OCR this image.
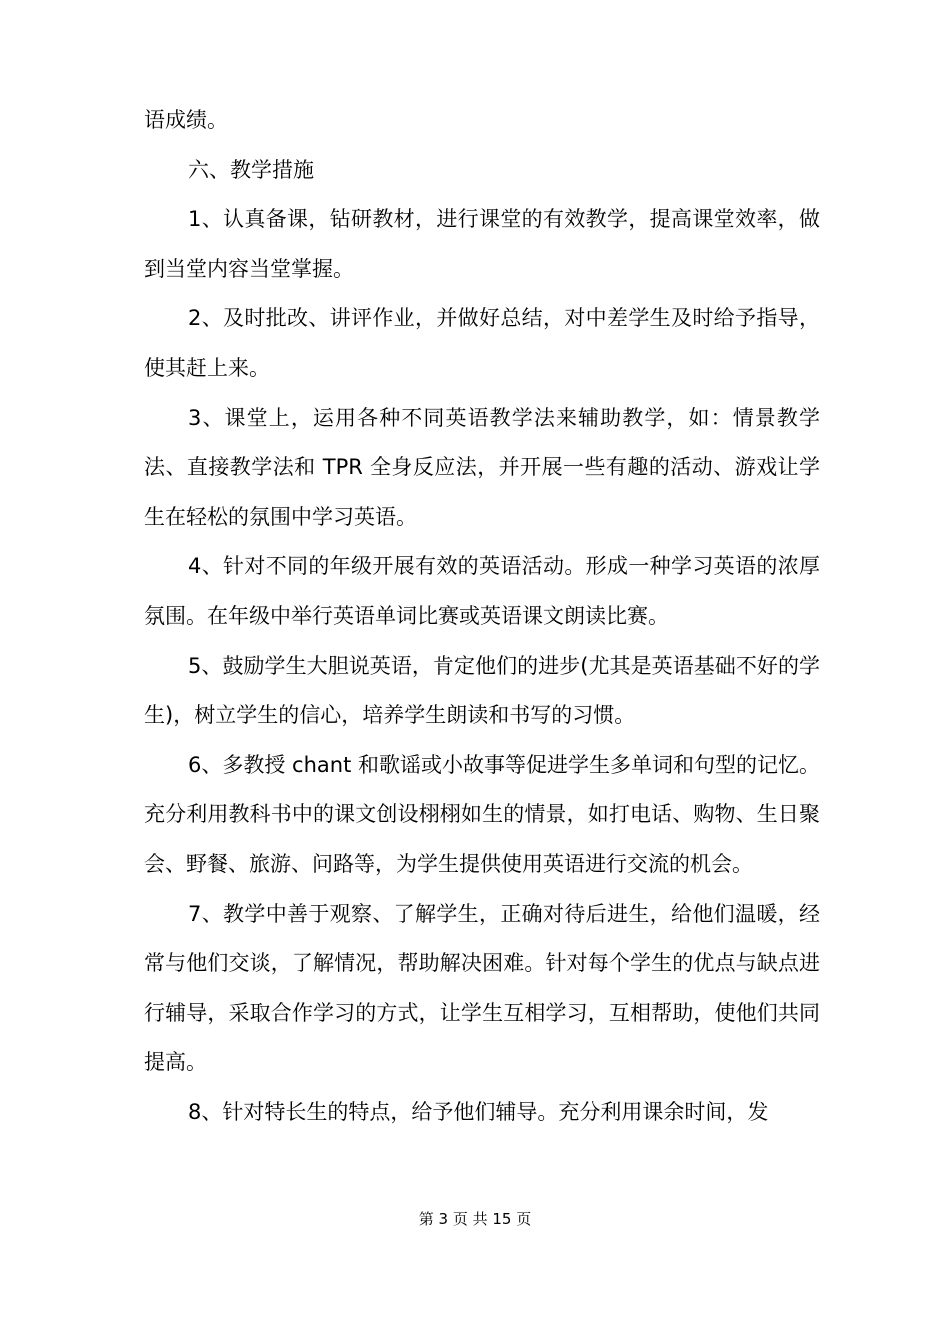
语成绩。

六、教学措施

1、认真备课，钻研教材，进行课堂的有效教学，提高课堂效率，做到当堂内容当堂掌握。

2、及时批改、讲评作业，并做好总结，对中差学生及时给予指导，使其赶上来。

3、课堂上，运用各种不同英语教学法来辅助教学，如：情景教学法、直接教学法和 TPR 全身反应法，并开展一些有趣的活动、游戏让学生在轻松的氛围中学习英语。

4、针对不同的年级开展有效的英语活动。形成一种学习英语的浓厚氛围。在年级中举行英语单词比赛或英语课文朗读比赛。

5、鼓励学生大胆说英语，肯定他们的进步(尤其是英语基础不好的学生)，树立学生的信心，培养学生朗读和书写的习惯。

6、多教授 chant 和歌谣或小故事等促进学生多单词和句型的记忆。充分利用教科书中的课文创设栩栩如生的情景，如打电话、购物、生日聚会、野餐、旅游、问路等，为学生提供使用英语进行交流的机会。

7、教学中善于观察、了解学生，正确对待后进生，给他们温暖，经常与他们交谈，了解情况，帮助解决困难。针对每个学生的优点与缺点进行辅导，采取合作学习的方式，让学生互相学习，互相帮助，使他们共同提高。

8、针对特长生的特点，给予他们辅导。充分利用课余时间，发

第 3 页 共 15 页
